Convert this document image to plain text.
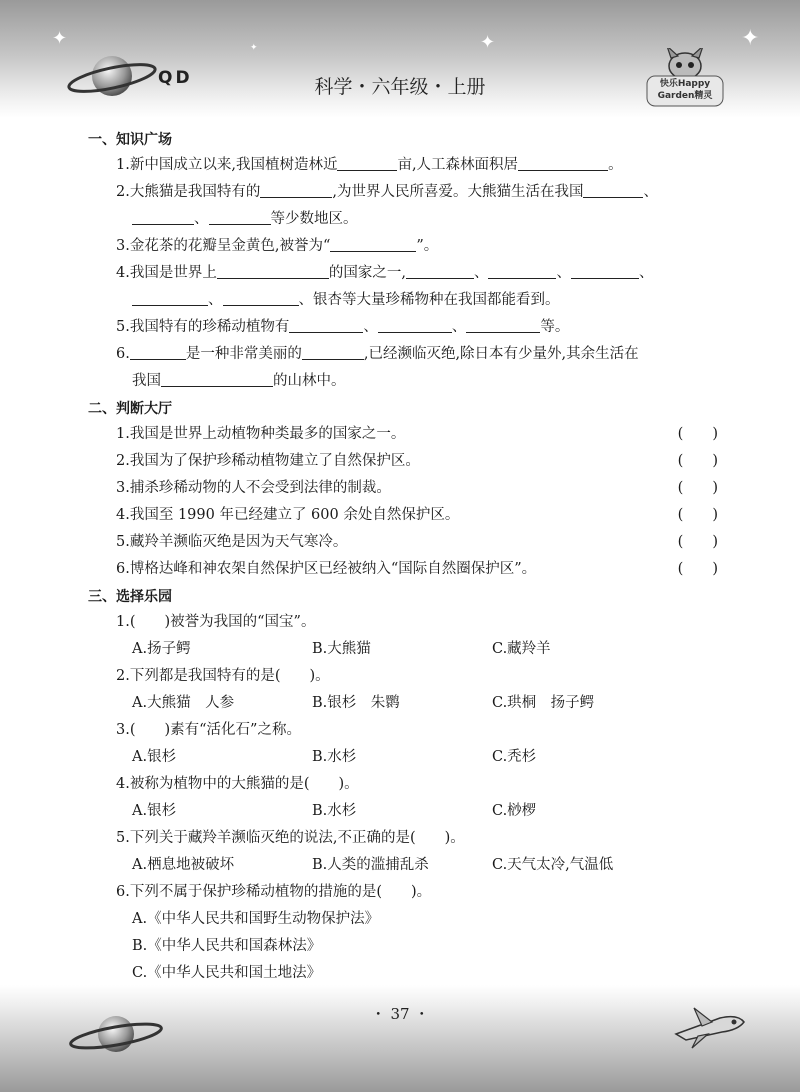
✦	✦	✦
✦
QD	科学・六年级・上册	快乐Happy Garden精灵
一、知识广场
1.新中国成立以来,我国植树造林近	亩,人工森林面积居	。
2.大熊猫是我国特有的	,为世界人民所喜爱。大熊猫生活在我国	、
、	等少数地区。
3.金花茶的花瓣呈金黄色,被誉为“	”。
4.我国是世界上	的国家之一,	、	、	、
、	、银杏等大量珍稀物种在我国都能看到。
5.我国特有的珍稀动植物有	、	、	等。
6.	是一种非常美丽的	,已经濒临灭绝,除日本有少量外,其余生活在
我国	的山林中。
二、判断大厅
1.我国是世界上动植物种类最多的国家之一。	(　　)
2.我国为了保护珍稀动植物建立了自然保护区。	(　　)
3.捕杀珍稀动物的人不会受到法律的制裁。	(　　)
4.我国至 1990 年已经建立了 600 余处自然保护区。	(　　)
5.藏羚羊濒临灭绝是因为天气寒冷。	(　　)
6.博格达峰和神农架自然保护区已经被纳入“国际自然圈保护区”。	(　　)
三、选择乐园
1.(　　)被誉为我国的“国宝”。
A.扬子鳄	B.大熊猫	C.藏羚羊
2.下列都是我国特有的是(　　)。
A.大熊猫　人参	B.银杉　朱鹮	C.珙桐　扬子鳄
3.(　　)素有“活化石”之称。
A.银杉	B.水杉	C.秃杉
4.被称为植物中的大熊猫的是(　　)。
A.银杉	B.水杉	C.桫椤
5.下列关于藏羚羊濒临灭绝的说法,不正确的是(　　)。
A.栖息地被破坏	B.人类的滥捕乱杀	C.天气太冷,气温低
6.下列不属于保护珍稀动植物的措施的是(　　)。
A.《中华人民共和国野生动物保护法》
B.《中华人民共和国森林法》
C.《中华人民共和国土地法》
・ 37 ・
